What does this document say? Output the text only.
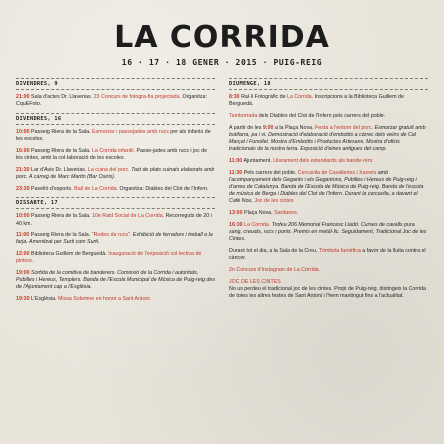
LA CORRIDA
16 · 17 · 18 GENER · 2015 · PUIG-REIG
DIVENDRES, 9

21:00 Sala d'actes Dr. Llaverias. 23 Concurs de fotogra-fia projectada. Organitza: CquEFoto.

DIVENDRES, 16

10:00 Passeig Riera de la Sala. Esmorzar i passejades amb rucs per als infants de les escoles.

16:00 Passeig Riera de la Sala. La Corrida infantil. Passe-jades amb rucs i joc de les cintes, amb la col·laboració de les escoles.

21:30 Lar d'Avis Dr. Llaverias. La cuina del porc. Tast de plats cuinats elaborats amb porc. A càrreg de Marc Martin (Bar Osiris).

23:30 Pavelló d'esports. Ball de La Corrida. Organitza: Diables del Clot de l'Infern.

DISSABTE, 17

10:00 Passeig Riera de la Sala. 10è Raid Social de La Corrida. Recorreguts de 20 i 40 km.

11:00 Passeig Riera de la Sala. "Rodeo de rucs". Exhibició de ferradors i treball a la farja. Amenitzat per Surti com Surti.

12:00 Biblioteca Guillem de Berguedà. Inauguració de l'exposició col·lectiva de pintors.

19:00 Sortida de la comitiva de banderers. Comissió de la Corrida i autoritats, Pubilles i Hereus, Templers. Banda de l'Escola Municipal de Música de Puig-reig des de l'Ajuntament cap a l'Església.

19:30 L'Església. Missa Solemne en honor a Sant Antoni.

DIUMENGE, 18

8:30 Ral·li Fotogràfic de La Corrida. Inscripcions a la Biblioteca Guillem de Berguedà.

Tamborrada dels Diables del Clot de l'Infern pels carrers del poble.

A partir de les 9:00 a la Plaça Nova. Festa a l'entorn del porc. Esmorzar gratuït amb botifarra, pa i vi. Demostració d'elaboració d'embotits a càrrec dels veïns de Cal Marçal i Fonollet. Mostra d'Embotits i Productes Artesans. Mostra d'oficis tradicionals de la nostra terra. Exposició d'eines antigues del camp.

11:00 Ajuntament. Lliurament dels estendards als bande-rers.

11:30 Pels carrers del poble. Cercavila de Cavalleries i Xarrets amb l'acompanyament dels Gegants i els Gegantons, Pubilles i Hereus de Puig-reig i d'arreu de Catalunya. Banda de l'Escola de Música de Puig-reig. Banda de l'escola de música de Berga i Diables del Clot de l'Infern. Durant la cercavila, a davant el Cafè Nou, Joc de les cintes

13:00 Plaça Nova. Sardanes.

16:30 La Corrida. Trofeu 206 Memorial Francesc Lladó. Curses de cavalls pura sang, creuats, rucs i ponis. Premis en metàl·lic. Seguidament, Tradicional Joc de les Cintes.

Durant tot el dia, a la Sala de la Creu, Tòmbola benèfica a favor de la lluita contra el càncer.

2n Concurs d'Instagram de La Corrida.

JOC DE LES CINTES
No us perdeu el tradicional joc de les cintes. Propi de Puig-reig, distingeix la Corrida de totes les altres festes de Sant Antoni i l'hem mantingut fins a l'actualitat.
